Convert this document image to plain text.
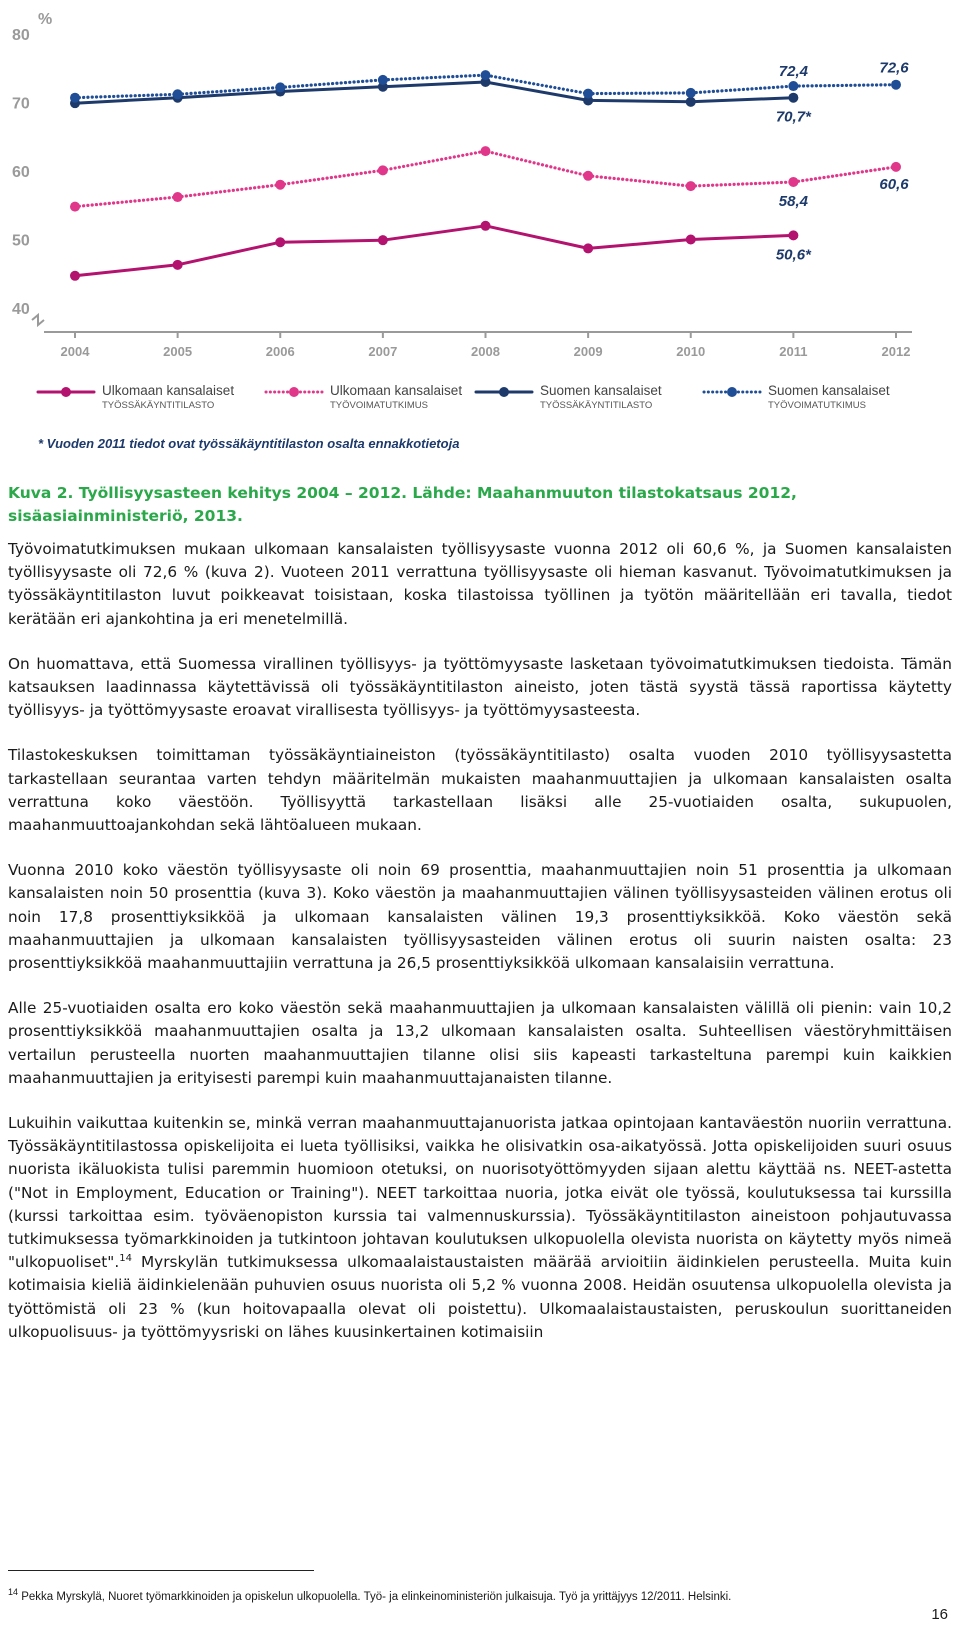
%
40
50
60
70
80
2004	2005	2006	2007	2008	2009	2010	2011	2012
72,4	72,6
70,7*
60,6
58,4
50,6*
Ulkomaan kansalaiset
TYÖSSÄKÄYNTITILASTO
Ulkomaan kansalaiset
TYÖVOIMATUTKIMUS
Suomen kansalaiset
TYÖSSÄKÄYNTITILASTO
Suomen kansalaiset
TYÖVOIMATUTKIMUS
* Vuoden 2011 tiedot ovat työssäkäyntitilaston osalta ennakkotietoja
Kuva 2. Työllisyysasteen kehitys 2004 – 2012. Lähde: Maahanmuuton tilastokatsaus 2012, sisäasiainministeriö, 2013.

Työvoimatutkimuksen mukaan ulkomaan kansalaisten työllisyysaste vuonna 2012 oli 60,6 %, ja Suomen kansalaisten työllisyysaste oli 72,6 % (kuva 2). Vuoteen 2011 verrattuna työllisyysaste oli hieman kasvanut. Työvoimatutkimuksen ja työssäkäyntitilaston luvut poikkeavat toisistaan, koska tilastoissa työllinen ja työtön määritellään eri tavalla, tiedot kerätään eri ajankohtina ja eri menetelmillä.

On huomattava, että Suomessa virallinen työllisyys- ja työttömyysaste lasketaan työvoimatutkimuksen tiedoista. Tämän katsauksen laadinnassa käytettävissä oli työssäkäyntitilaston aineisto, joten tästä syystä tässä raportissa käytetty työllisyys- ja työttömyysaste eroavat virallisesta työllisyys- ja työttömyysasteesta.

Tilastokeskuksen toimittaman työssäkäyntiaineiston (työssäkäyntitilasto) osalta vuoden 2010 työllisyysastetta tarkastellaan seurantaa varten tehdyn määritelmän mukaisten maahanmuuttajien ja ulkomaan kansalaisten osalta verrattuna koko väestöön. Työllisyyttä tarkastellaan lisäksi alle 25-vuotiaiden osalta, sukupuolen, maahanmuuttoajankohdan sekä lähtöalueen mukaan.

Vuonna 2010 koko väestön työllisyysaste oli noin 69 prosenttia, maahanmuuttajien noin 51 prosenttia ja ulkomaan kansalaisten noin 50 prosenttia (kuva 3). Koko väestön ja maahanmuuttajien välinen työllisyysasteiden välinen erotus oli noin 17,8 prosenttiyksikköä ja ulkomaan kansalaisten välinen 19,3 prosenttiyksikköä. Koko väestön sekä maahanmuuttajien ja ulkomaan kansalaisten työllisyysasteiden välinen erotus oli suurin naisten osalta: 23 prosenttiyksikköä maahanmuuttajiin verrattuna ja 26,5 prosenttiyksikköä ulkomaan kansalaisiin verrattuna.

Alle 25-vuotiaiden osalta ero koko väestön sekä maahanmuuttajien ja ulkomaan kansalaisten välillä oli pienin: vain 10,2 prosenttiyksikköä maahanmuuttajien osalta ja 13,2 ulkomaan kansalaisten osalta. Suhteellisen väestöryhmittäisen vertailun perusteella nuorten maahanmuuttajien tilanne olisi siis kapeasti tarkasteltuna parempi kuin kaikkien maahanmuuttajien ja erityisesti parempi kuin maahanmuuttajanaisten tilanne.

Lukuihin vaikuttaa kuitenkin se, minkä verran maahanmuuttajanuorista jatkaa opintojaan kantaväestön nuoriin verrattuna. Työssäkäyntitilastossa opiskelijoita ei lueta työllisiksi, vaikka he olisivatkin osa-aikatyössä. Jotta opiskelijoiden suuri osuus nuorista ikäluokista tulisi paremmin huomioon otetuksi, on nuorisotyöttömyyden sijaan alettu käyttää ns. NEET-astetta ("Not in Employment, Education or Training"). NEET tarkoittaa nuoria, jotka eivät ole työssä, koulutuksessa tai kurssilla (kurssi tarkoittaa esim. työväenopiston kurssia tai valmennuskurssia). Työssäkäyntitilaston aineistoon pohjautuvassa tutkimuksessa työmarkkinoiden ja tutkintoon johtavan koulutuksen ulkopuolella olevista nuorista on käytetty myös nimeä "ulkopuoliset".$^{14}$ Myrskylän tutkimuksessa ulkomaalaistaustaisten määrää arvioitiin äidinkielen perusteella. Muita kuin kotimaisia kieliä äidinkielenään puhuvien osuus nuorista oli 5,2 % vuonna 2008. Heidän osuutensa ulkopuolella olevista ja työttömistä oli 23 % (kun hoitovapaalla olevat oli poistettu). Ulkomaalaistaustaisten, peruskoulun suorittaneiden ulkopuolisuus- ja työttömyysriski on lähes kuusinkertainen kotimaisiin

$^{14}$ Pekka Myrskylä, Nuoret työmarkkinoiden ja opiskelun ulkopuolella. Työ- ja elinkeinoministeriön julkaisuja. Työ ja yrittäjyys 12/2011. Helsinki.
16
